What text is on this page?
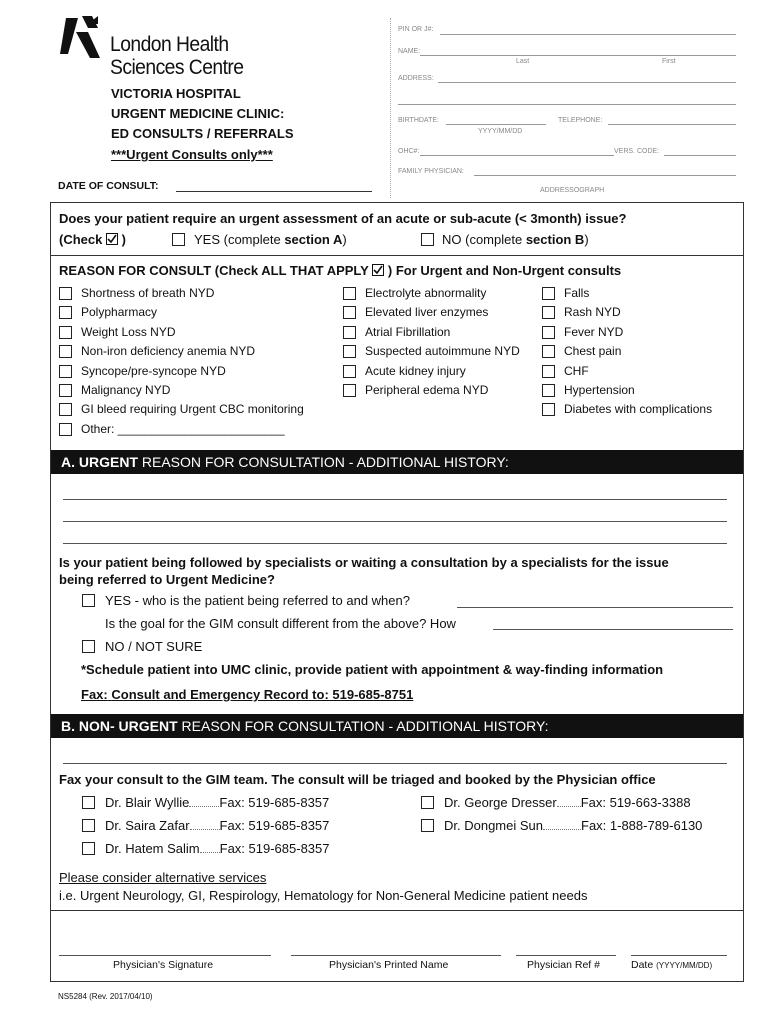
London Health
Sciences Centre
VICTORIA HOSPITAL
URGENT MEDICINE CLINIC:
ED CONSULTS / REFERRALS
***Urgent Consults only***
DATE OF CONSULT:
PIN OR J#:
NAME:
Last	First
ADDRESS:
BIRTHDATE:
YYYY/MM/DD
TELEPHONE:
OHC#:	VERS. CODE:
FAMILY PHYSICIAN:
ADDRESSOGRAPH
Does your patient require an urgent assessment of an acute or sub-acute (< 3month) issue?
(Check )	YES (complete section A)	NO (complete section B)
REASON FOR CONSULT (Check ALL THAT APPLY ) For Urgent and Non-Urgent consults
A. URGENT REASON FOR CONSULTATION - ADDITIONAL HISTORY:
Is your patient being followed by specialists or waiting a consultation by a specialists for the issue
being referred to Urgent Medicine?
YES - who is the patient being referred to and when?
Is the goal for the GIM consult different from the above? How
NO / NOT SURE
*Schedule patient into UMC clinic, provide patient with appointment & way-finding information
Fax: Consult and Emergency Record to: 519-685-8751
B. NON- URGENT REASON FOR CONSULTATION - ADDITIONAL HISTORY:
Fax your consult to the GIM team. The consult will be triaged and booked by the Physician office
Please consider alternative services
i.e. Urgent Neurology, GI, Respirology, Hematology for Non-General Medicine patient needs
Physician's Signature	Physician's Printed Name	Physician Ref #	Date (YYYY/MM/DD)
Shortness of breath NYD
Polypharmacy
Weight Loss NYD
Non-iron deficiency anemia NYD
Syncope/pre-syncope NYD
Malignancy NYD
GI bleed requiring Urgent CBC monitoring
Other: _________________________
Electrolyte abnormality
Elevated liver enzymes
Atrial Fibrillation
Suspected autoimmune NYD
Acute kidney injury
Peripheral edema NYD
Falls
Rash NYD
Fever NYD
Chest pain
CHF
Hypertension
Diabetes with complications
Dr. Blair Wyllie Fax: 519-685-8357
Dr. Saira Zafar Fax: 519-685-8357
Dr. Hatem Salim Fax: 519-685-8357
Dr. George Dresser Fax: 519-663-3388
Dr. Dongmei Sun	Fax: 1-888-789-6130
NS5284 (Rev. 2017/04/10)
